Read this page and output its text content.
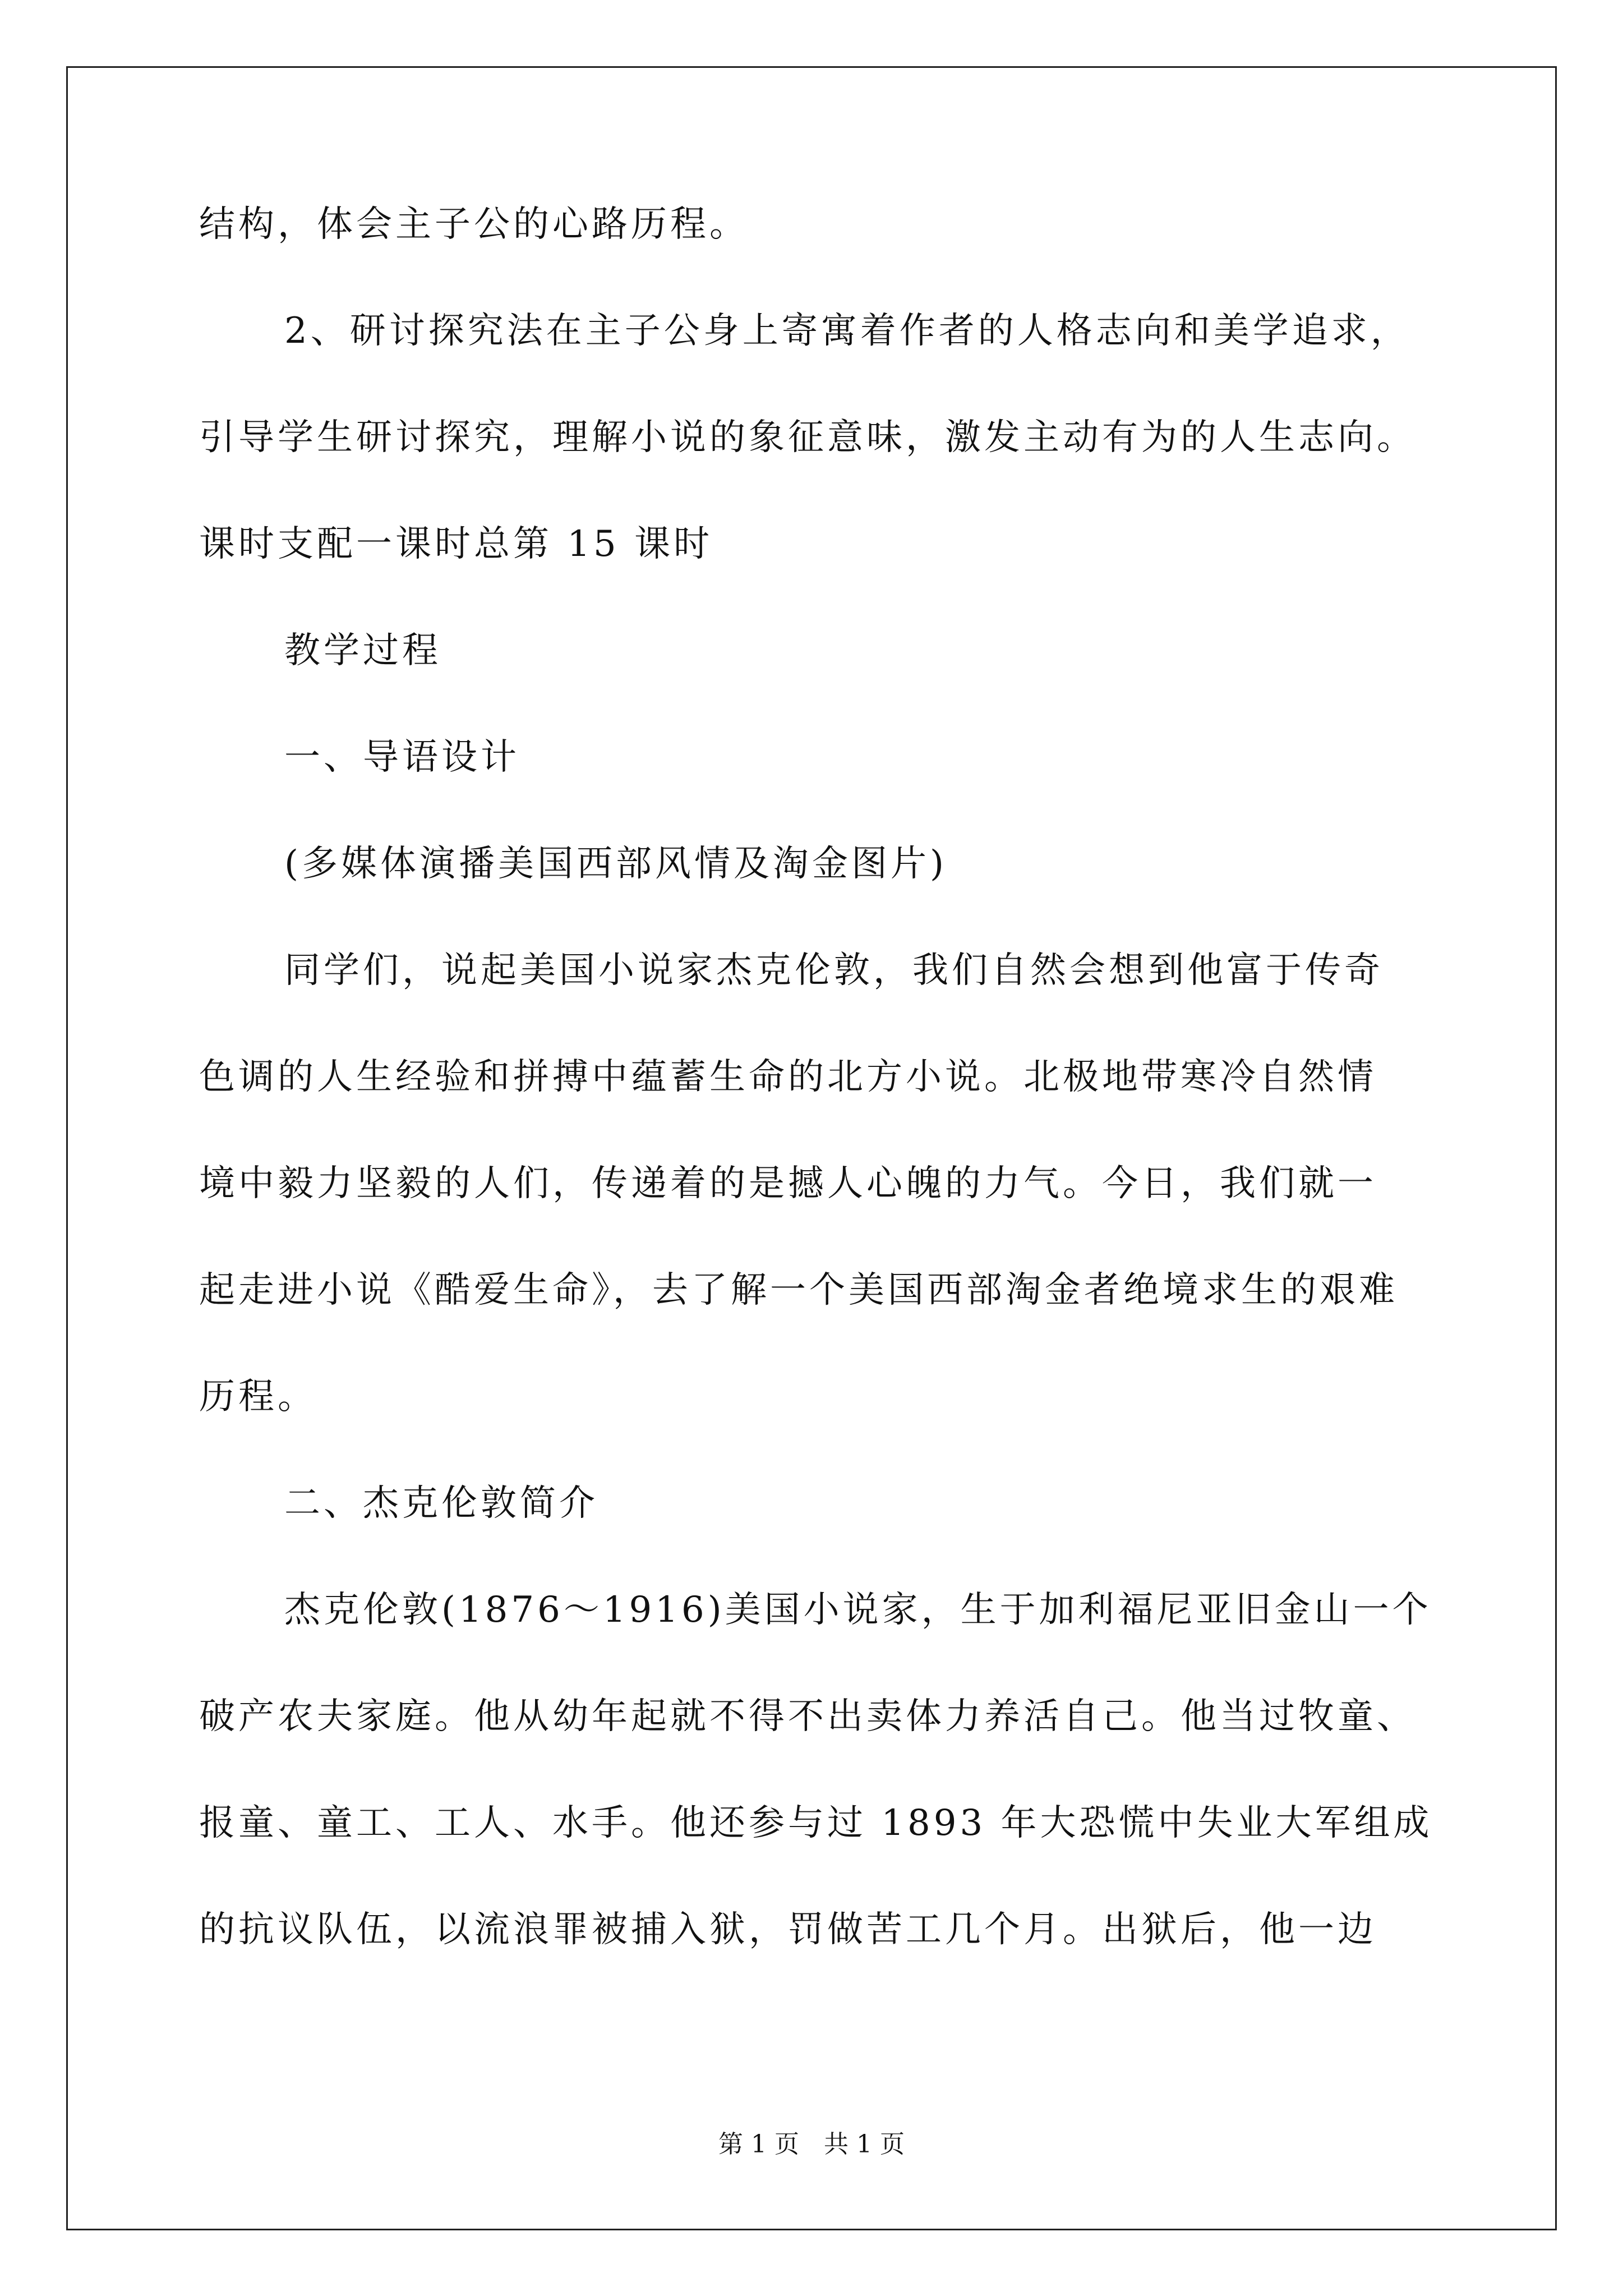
结构，体会主子公的心路历程。
2、研讨探究法在主子公身上寄寓着作者的人格志向和美学追求，
引导学生研讨探究，理解小说的象征意味，激发主动有为的人生志向。
课时支配一课时总第 15 课时
教学过程
一、导语设计
(多媒体演播美国西部风情及淘金图片)
同学们，说起美国小说家杰克伦敦，我们自然会想到他富于传奇
色调的人生经验和拼搏中蕴蓄生命的北方小说。北极地带寒冷自然情
境中毅力坚毅的人们，传递着的是撼人心魄的力气。今日，我们就一
起走进小说《酷爱生命》，去了解一个美国西部淘金者绝境求生的艰难
历程。
二、杰克伦敦简介
杰克伦敦(1876～1916)美国小说家，生于加利福尼亚旧金山一个
破产农夫家庭。他从幼年起就不得不出卖体力养活自己。他当过牧童、
报童、童工、工人、水手。他还参与过 1893 年大恐慌中失业大军组成
的抗议队伍，以流浪罪被捕入狱，罚做苦工几个月。出狱后，他一边
第 1 页　共 1 页
